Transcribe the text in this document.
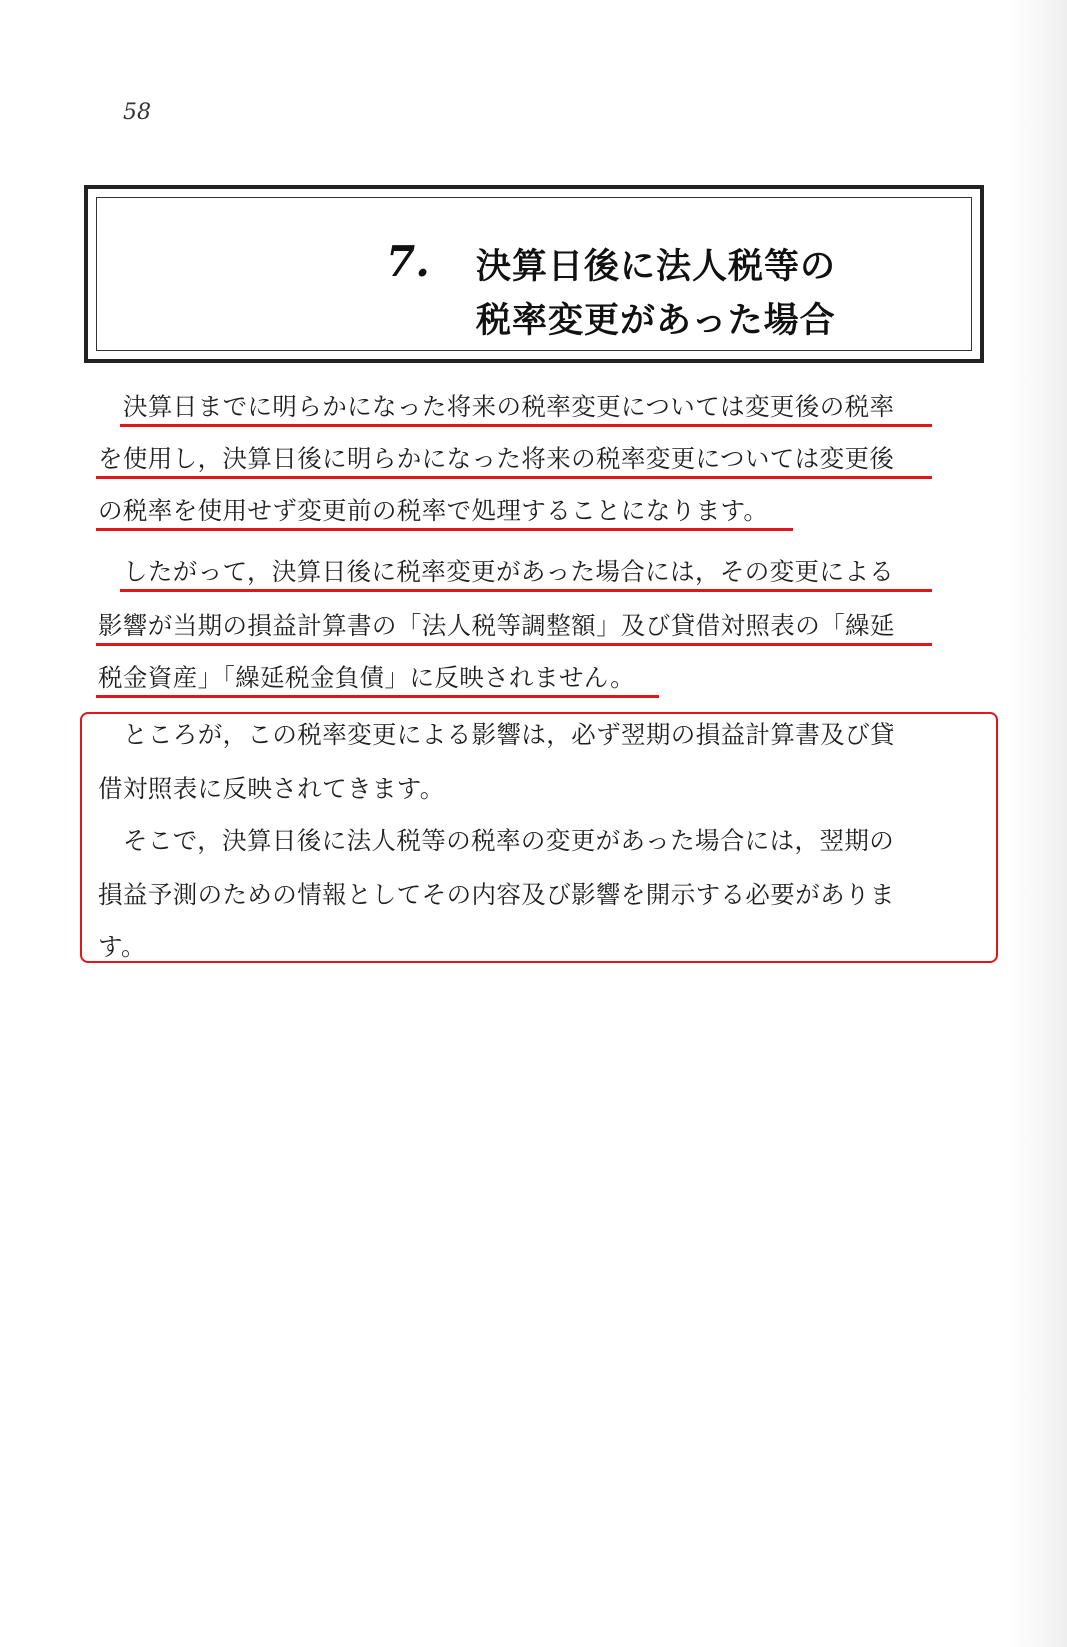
58
7. 決算日後に法人税等の
税率変更があった場合
決算日までに明らかになった将来の税率変更については変更後の税率
を使用し，決算日後に明らかになった将来の税率変更については変更後
の税率を使用せず変更前の税率で処理することになります。
したがって，決算日後に税率変更があった場合には，その変更による
影響が当期の損益計算書の「法人税等調整額」及び貸借対照表の「繰延
税金資産」「繰延税金負債」に反映されません。
ところが，この税率変更による影響は，必ず翌期の損益計算書及び貸
借対照表に反映されてきます。
そこで，決算日後に法人税等の税率の変更があった場合には，翌期の
損益予測のための情報としてその内容及び影響を開示する必要がありま
す。
